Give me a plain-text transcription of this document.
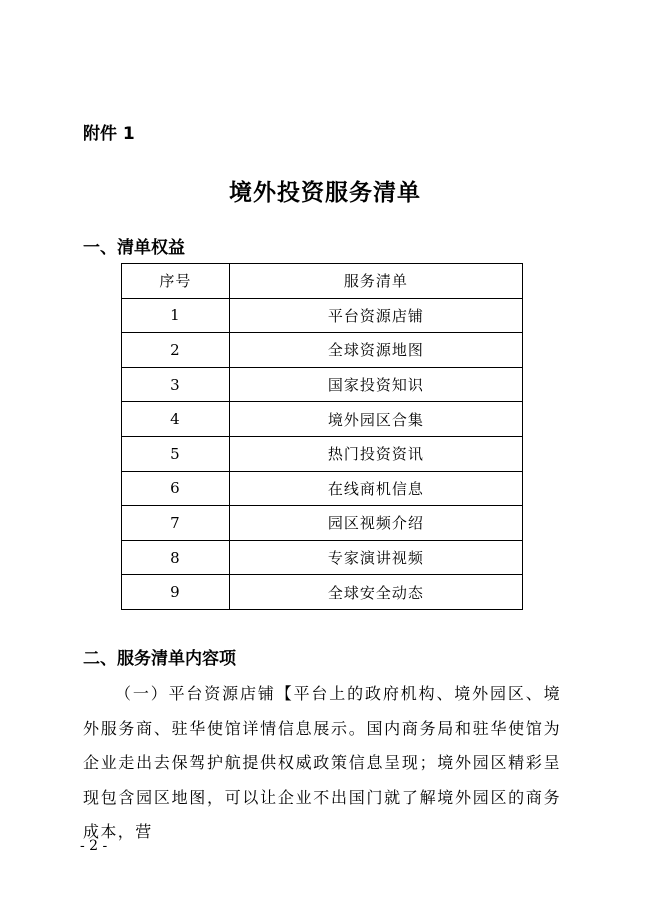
附件 1
境外投资服务清单
一、清单权益
序号	服务清单
1	平台资源店铺
2	全球资源地图
3	国家投资知识
4	境外园区合集
5	热门投资资讯
6	在线商机信息
7	园区视频介绍
8	专家演讲视频
9	全球安全动态
二、服务清单内容项
（一）平台资源店铺【平台上的政府机构、境外园区、境外服务商、驻华使馆详情信息展示。国内商务局和驻华使馆为企业走出去保驾护航提供权威政策信息呈现；境外园区精彩呈现包含园区地图，可以让企业不出国门就了解境外园区的商务成本，营
- 2 -
